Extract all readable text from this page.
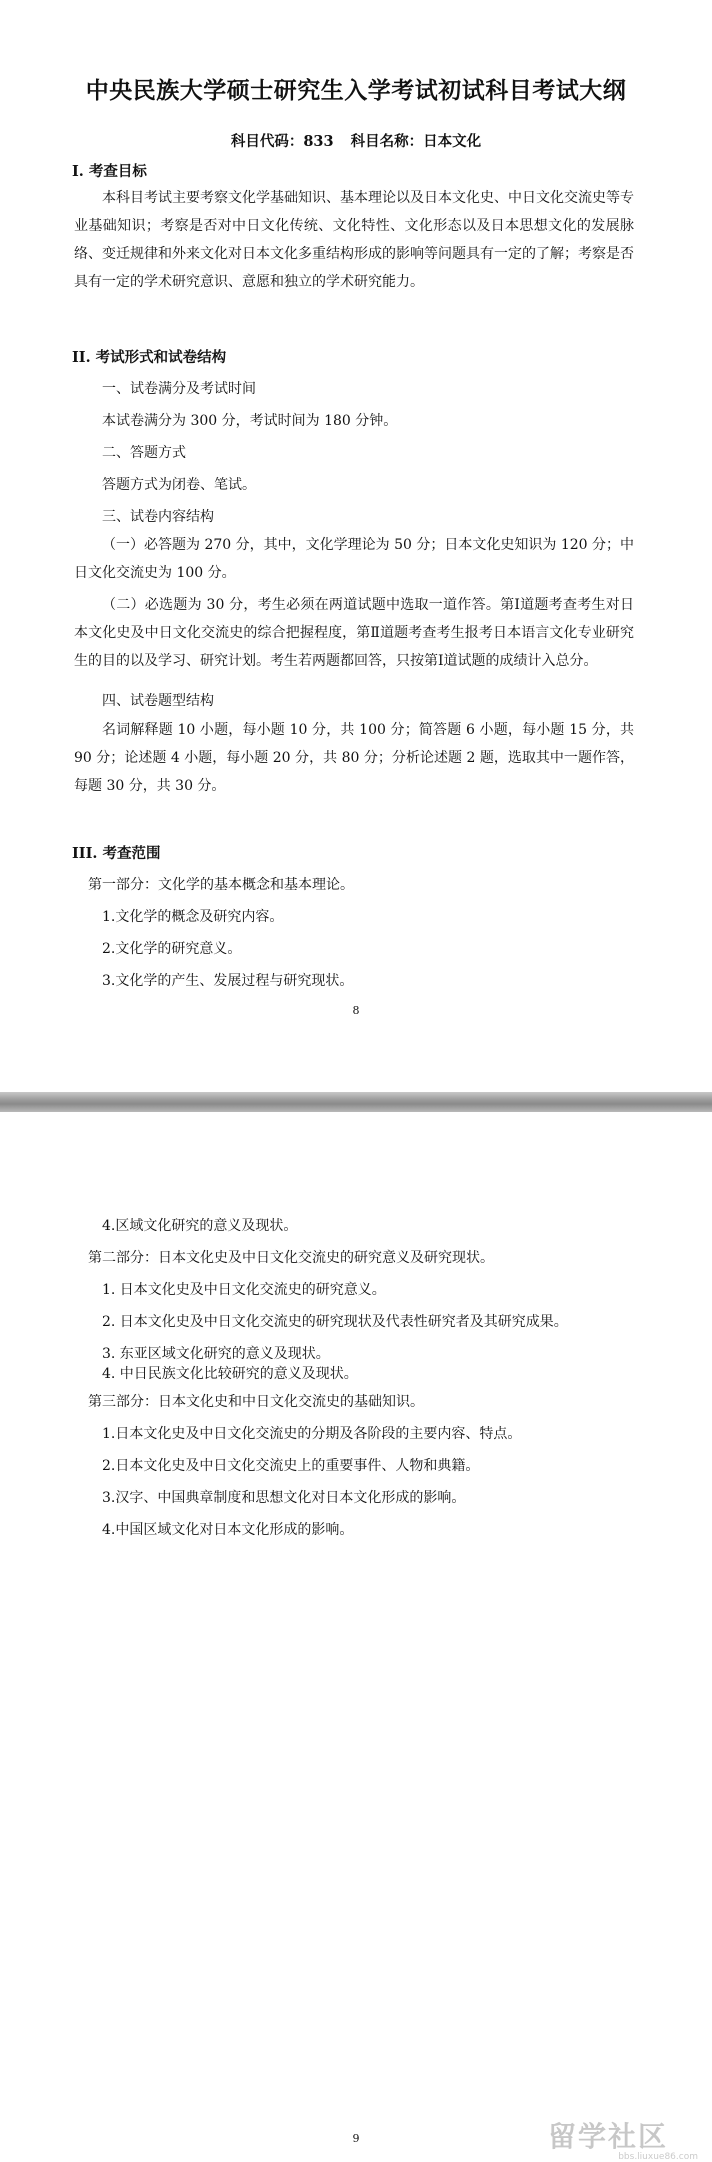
中央民族大学硕士研究生入学考试初试科目考试大纲
科目代码：833 科目名称：日本文化
I. 考查目标
本科目考试主要考察文化学基础知识、基本理论以及日本文化史、中日文化交流史等专业基础知识；考察是否对中日文化传统、文化特性、文化形态以及日本思想文化的发展脉络、变迁规律和外来文化对日本文化多重结构形成的影响等问题具有一定的了解；考察是否具有一定的学术研究意识、意愿和独立的学术研究能力。
II. 考试形式和试卷结构
一、试卷满分及考试时间
本试卷满分为 300 分，考试时间为 180 分钟。
二、答题方式
答题方式为闭卷、笔试。
三、试卷内容结构
（一）必答题为 270 分，其中，文化学理论为 50 分；日本文化史知识为 120 分；中日文化交流史为 100 分。
（二）必选题为 30 分，考生必须在两道试题中选取一道作答。第Ⅰ道题考查考生对日本文化史及中日文化交流史的综合把握程度，第Ⅱ道题考查考生报考日本语言文化专业研究生的目的以及学习、研究计划。考生若两题都回答，只按第Ⅰ道试题的成绩计入总分。
四、试卷题型结构
名词解释题 10 小题，每小题 10 分，共 100 分；简答题 6 小题，每小题 15 分，共 90 分；论述题 4 小题，每小题 20 分，共 80 分；分析论述题 2 题，选取其中一题作答，每题 30 分，共 30 分。
III. 考查范围
第一部分：文化学的基本概念和基本理论。
1.文化学的概念及研究内容。
2.文化学的研究意义。
3.文化学的产生、发展过程与研究现状。
8
4.区域文化研究的意义及现状。
第二部分：日本文化史及中日文化交流史的研究意义及研究现状。
1. 日本文化史及中日文化交流史的研究意义。
2. 日本文化史及中日文化交流史的研究现状及代表性研究者及其研究成果。
3. 东亚区域文化研究的意义及现状。
4. 中日民族文化比较研究的意义及现状。
第三部分：日本文化史和中日文化交流史的基础知识。
1.日本文化史及中日文化交流史的分期及各阶段的主要内容、特点。
2.日本文化史及中日文化交流史上的重要事件、人物和典籍。
3.汉字、中国典章制度和思想文化对日本文化形成的影响。
4.中国区域文化对日本文化形成的影响。
留学社区
bbs.liuxue86.com
9
